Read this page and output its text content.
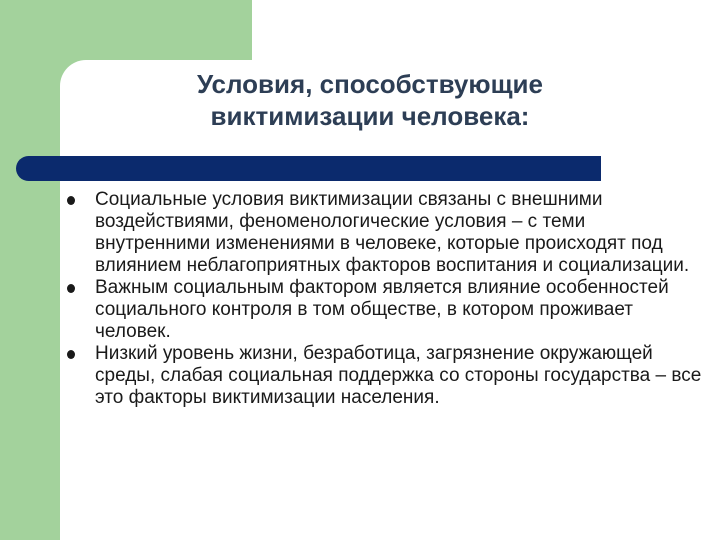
Условия, способствующие
виктимизации человека:
Социальные условия виктимизации связаны с внешними воздействиями, феноменологические условия – с теми внутренними изменениями в человеке, которые происходят под влиянием неблагоприятных факторов воспитания и социализации.
Важным социальным фактором является влияние особенностей социального контроля в том обществе, в котором проживает человек.
Низкий уровень жизни, безработица, загрязнение окружающей среды, слабая социальная поддержка со стороны государства – все это факторы виктимизации населения.
